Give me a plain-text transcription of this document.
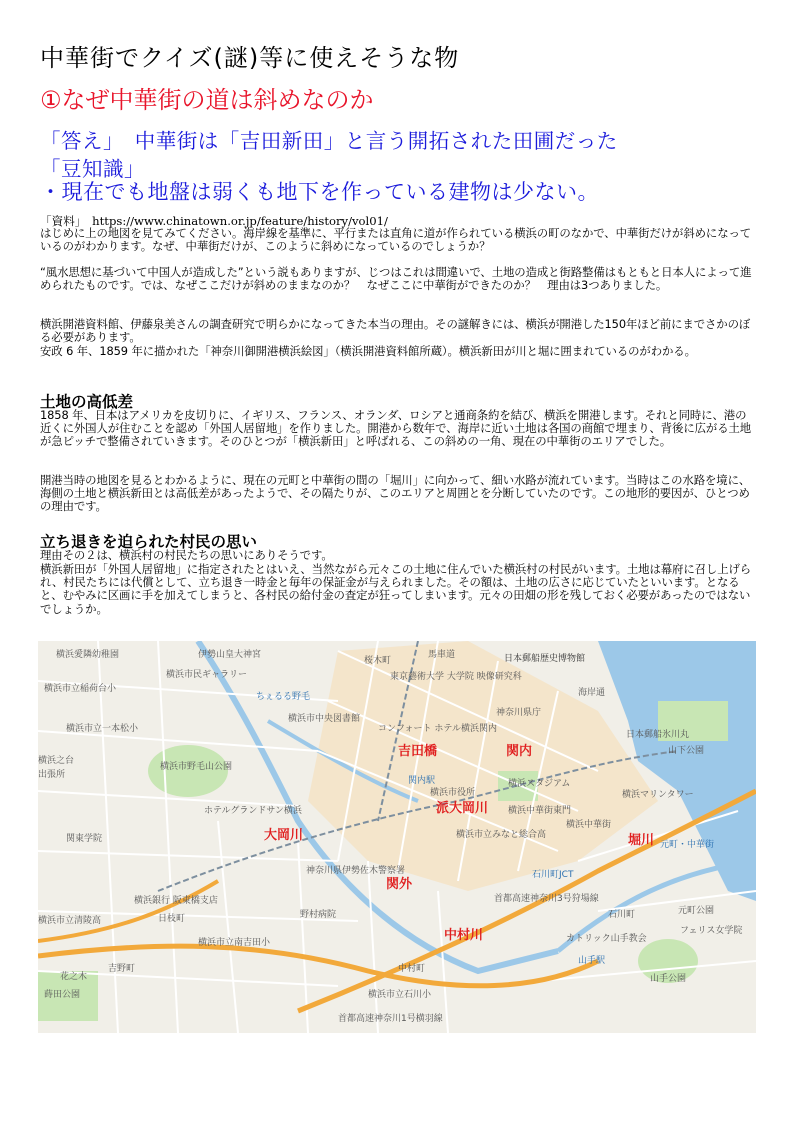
中華街でクイズ(謎)等に使えそうな物
①なぜ中華街の道は斜めなのか
「答え」　中華街は「吉田新田」と言う開拓された田圃だった
「豆知識」
・現在でも地盤は弱くも地下を作っている建物は少ない。
「資料」　https://www.chinatown.or.jp/feature/history/vol01/
はじめに上の地図を見てみてください。海岸線を基準に、平行または直角に道が作られている横浜の町のなかで、中華街だけが斜めになっているのがわかります。なぜ、中華街だけが、このように斜めになっているのでしょうか？
“風水思想に基づいて中国人が造成した”という説もありますが、じつはこれは間違いで、土地の造成と街路整備はもともと日本人によって進められたものです。では、なぜここだけが斜めのままなのか？　なぜここに中華街ができたのか？　理由は3つありました。
横浜開港資料館、伊藤泉美さんの調査研究で明らかになってきた本当の理由。その謎解きには、横浜が開港した150年ほど前にまでさかのぼる必要があります。
安政 6 年、1859 年に描かれた「神奈川御開港横浜絵図」（横浜開港資料館所蔵）。横浜新田が川と堀に囲まれているのがわかる。
土地の高低差
1858 年、日本はアメリカを皮切りに、イギリス、フランス、オランダ、ロシアと通商条約を結び、横浜を開港します。それと同時に、港の近くに外国人が住むことを認め「外国人居留地」を作りました。開港から数年で、海岸に近い土地は各国の商館で埋まり、背後に広がる土地が急ピッチで整備されていきます。そのひとつが「横浜新田」と呼ばれる、この斜めの一角、現在の中華街のエリアでした。
開港当時の地図を見るとわかるように、現在の元町と中華街の間の「堀川」に向かって、細い水路が流れています。当時はこの水路を境に、海側の土地と横浜新田とは高低差があったようで、その隔たりが、このエリアと周囲とを分断していたのです。この地形的要因が、ひとつめの理由です。
立ち退きを迫られた村民の思い
理由その２は、横浜村の村民たちの思いにありそうです。
横浜新田が「外国人居留地」に指定されたとはいえ、当然ながら元々この土地に住んでいた横浜村の村民がいます。土地は幕府に召し上げられ、村民たちには代償として、立ち退き一時金と毎年の保証金が与えられました。その額は、土地の広さに応じていたといいます。となると、むやみに区画に手を加えてしまうと、各村民の給付金の査定が狂ってしまいます。元々の田畑の形を残しておく必要があったのではないでしょうか。
吉田橋	関内
派大岡川
大岡川	堀川
関外
中村川
横浜愛隣幼稚園	伊勢山皇大神宮
桜木町
馬車道	日本郵船歴史博物館
横浜市立稲荷台小
横浜市民ギャラリー	東京藝術大学 大学院 映像研究科
海岸通
ちぇるる野毛
横浜市中央図書館
神奈川県庁
横浜市立一本松小	コンフォート ホテル横浜関内
日本郵船氷川丸
横浜之台
出張所
横浜市野毛山公園
関内駅	横浜スタジアム
山下公園
ホテルグランドサン横浜
横浜市役所
横浜中華街東門
横浜マリンタワー
関東学院
神奈川県伊勢佐木警察署
横浜市立みなと総合高
横浜中華街
元町・中華街
石川町JCT
元町公園
横浜銀行 阪東橋支店
野村病院
横浜市立南吉田小
石川町
フェリス女学院
横浜市立清陵高
カトリック山手教会
山手公園
横浜市立石川小
蒔田公園
首都高速神奈川1号横羽線
首都高速神奈川3号狩場線
中村町
山手駅
吉野町
花之木
日枝町
